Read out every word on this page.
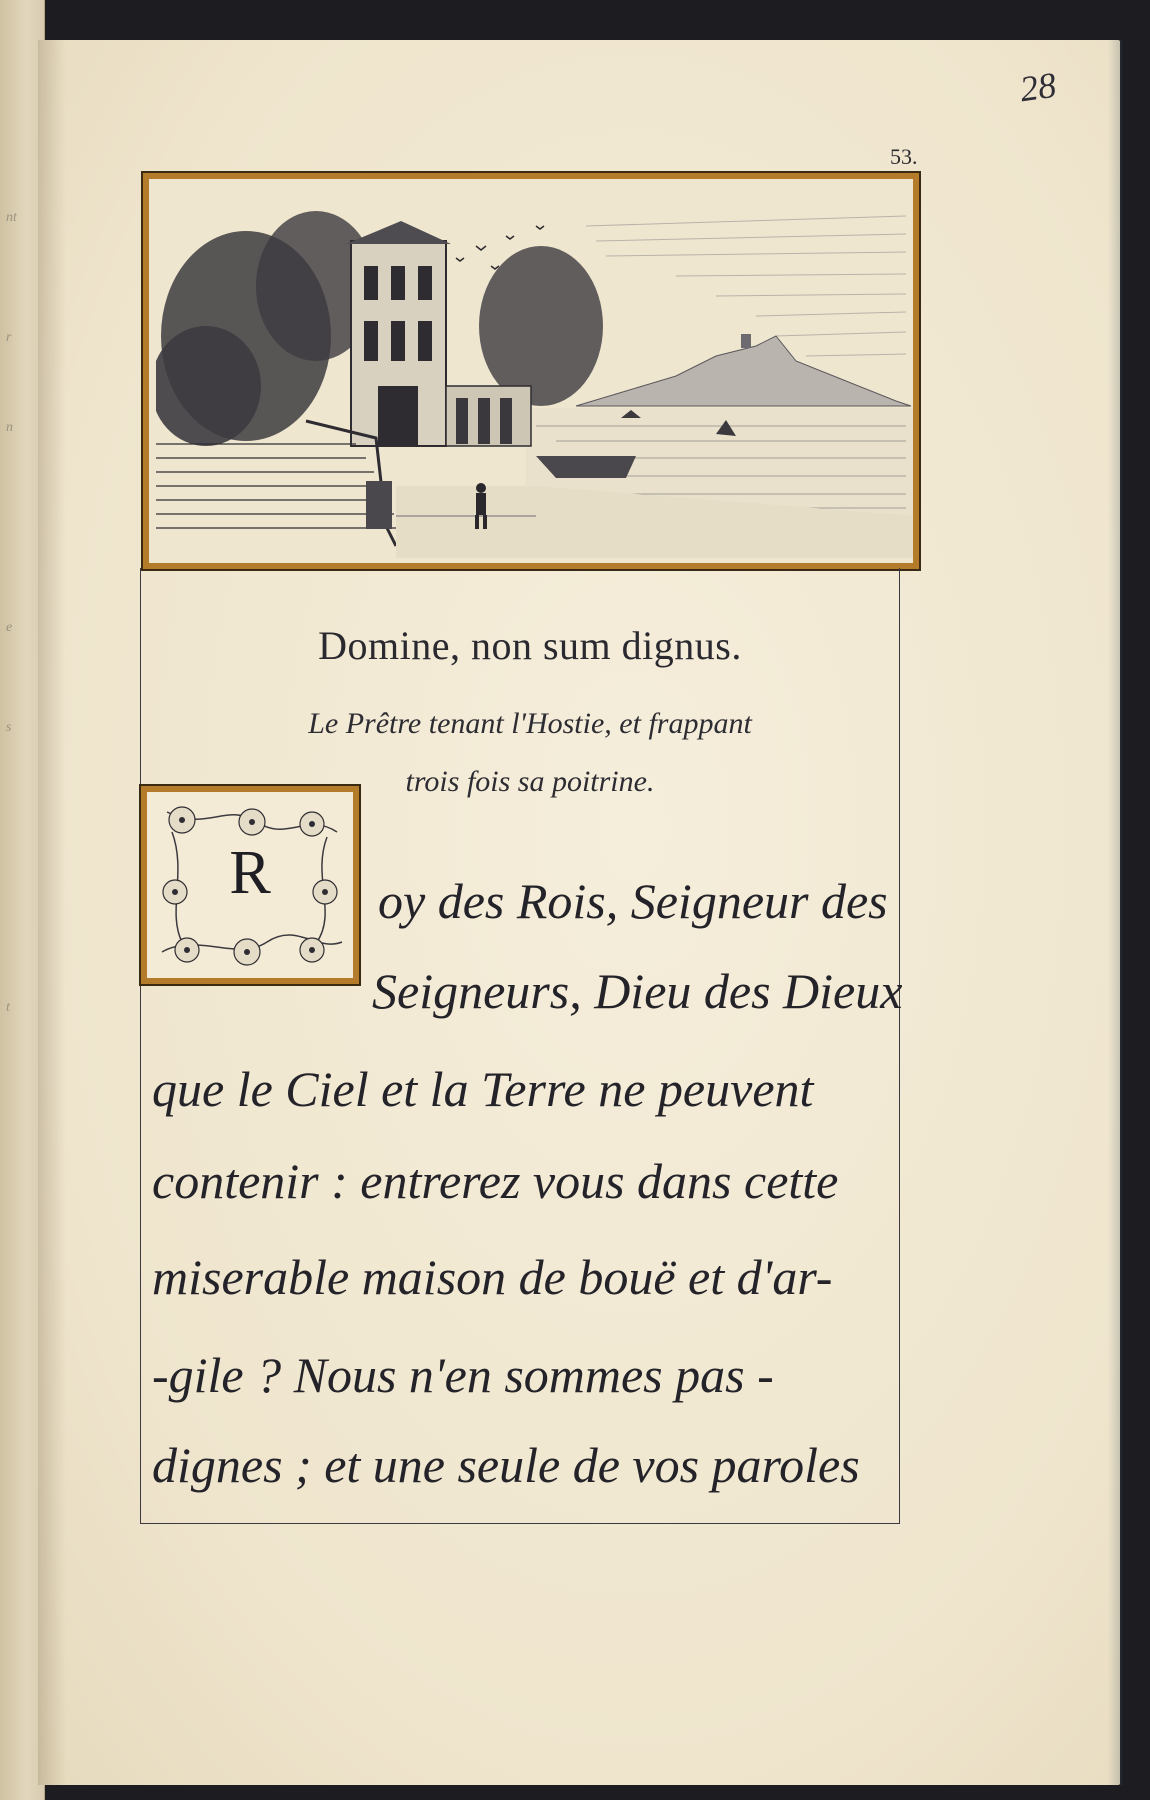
nt
r
n
e
s
t

28

53.

Domine, non sum dignus.

Le Prêtre tenant l'Hostie, et frappant
trois fois sa poitrine.

R	oy des Rois, Seigneur des

Seigneurs, Dieu des Dieux

que le Ciel et la Terre ne peuvent

contenir : entrerez vous dans cette

miserable maison de bouë et d'ar-

-gile ? Nous n'en sommes pas -

dignes ; et une seule de vos paroles
